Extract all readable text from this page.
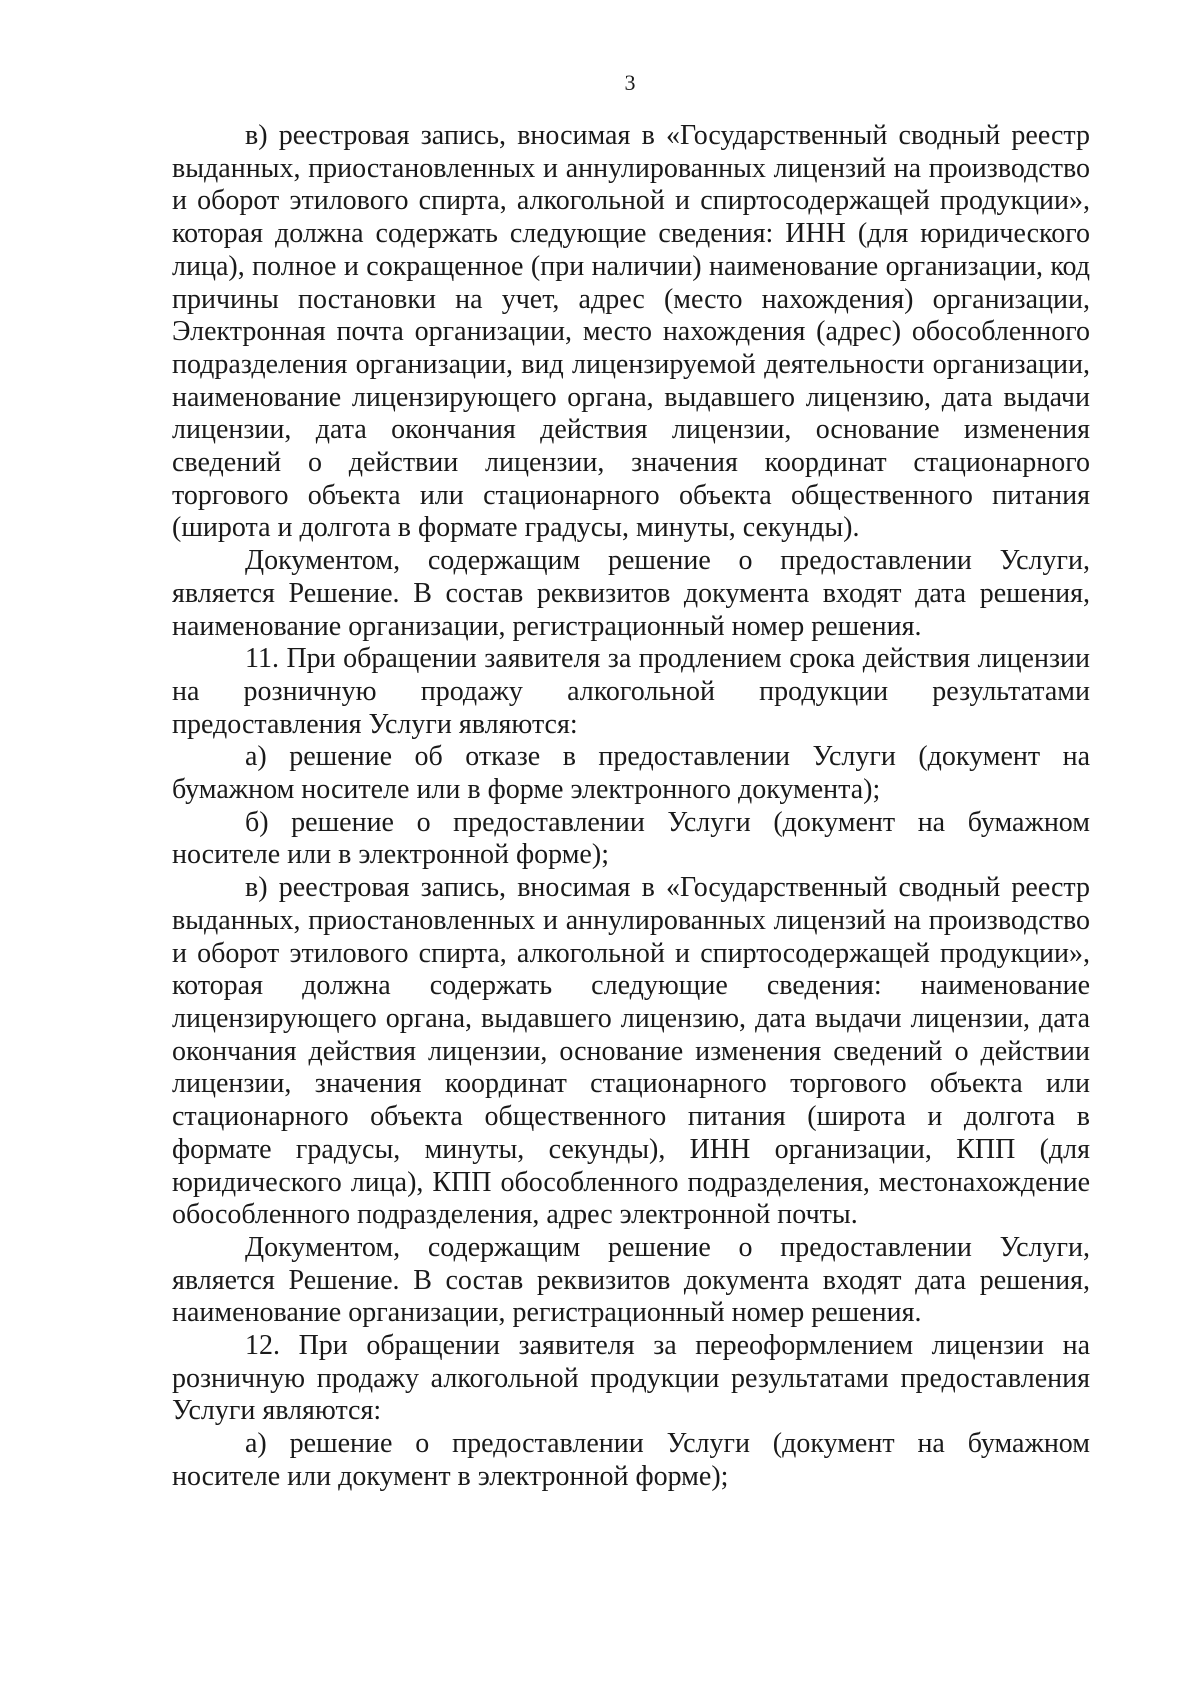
3

в) реестровая запись, вносимая в «Государственный сводный реестр выданных, приостановленных и аннулированных лицензий на производство и оборот этилового спирта, алкогольной и спиртосодержащей продукции», которая должна содержать следующие сведения: ИНН (для юридического лица), полное и сокращенное (при наличии) наименование организации, код причины постановки на учет, адрес (место нахождения) организации, Электронная почта организации, место нахождения (адрес) обособленного подразделения организации, вид лицензируемой деятельности организации, наименование лицензирующего органа, выдавшего лицензию, дата выдачи лицензии, дата окончания действия лицензии, основание изменения сведений о действии лицензии, значения координат стационарного торгового объекта или стационарного объекта общественного питания (широта и долгота в формате градусы, минуты, секунды).

Документом, содержащим решение о предоставлении Услуги, является Решение. В состав реквизитов документа входят дата решения, наименование организации, регистрационный номер решения.

11. При обращении заявителя за продлением срока действия лицензии на розничную продажу алкогольной продукции результатами предоставления Услуги являются:

а) решение об отказе в предоставлении Услуги (документ на бумажном носителе или в форме электронного документа);

б) решение о предоставлении Услуги (документ на бумажном носителе или в электронной форме);

в) реестровая запись, вносимая в «Государственный сводный реестр выданных, приостановленных и аннулированных лицензий на производство и оборот этилового спирта, алкогольной и спиртосодержащей продукции», которая должна содержать следующие сведения: наименование лицензирующего органа, выдавшего лицензию, дата выдачи лицензии, дата окончания действия лицензии, основание изменения сведений о действии лицензии, значения координат стационарного торгового объекта или стационарного объекта общественного питания (широта и долгота в формате градусы, минуты, секунды), ИНН организации, КПП (для юридического лица), КПП обособленного подразделения, местонахождение обособленного подразделения, адрес электронной почты.

Документом, содержащим решение о предоставлении Услуги, является Решение. В состав реквизитов документа входят дата решения, наименование организации, регистрационный номер решения.

12. При обращении заявителя за переоформлением лицензии на розничную продажу алкогольной продукции результатами предоставления Услуги являются:

а) решение о предоставлении Услуги (документ на бумажном носителе или документ в электронной форме);
